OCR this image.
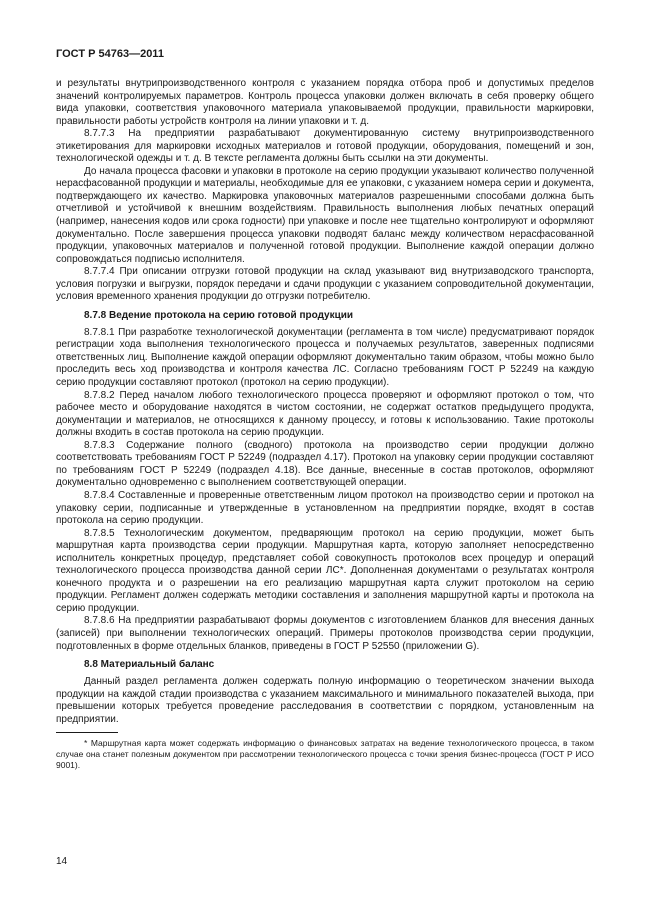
ГОСТ Р 54763—2011

и результаты внутрипроизводственного контроля с указанием порядка отбора проб и допустимых пределов значений контролируемых параметров. Контроль процесса упаковки должен включать в себя проверку общего вида упаковки, соответствия упаковочного материала упаковываемой продукции, правильности маркировки, правильности работы устройств контроля на линии упаковки и т. д.

8.7.7.3 На предприятии разрабатывают документированную систему внутрипроизводственного этикетирования для маркировки исходных материалов и готовой продукции, оборудования, помещений и зон, технологической одежды и т. д. В тексте регламента должны быть ссылки на эти документы.

До начала процесса фасовки и упаковки в протоколе на серию продукции указывают количество полученной нерасфасованной продукции и материалы, необходимые для ее упаковки, с указанием номера серии и документа, подтверждающего их качество. Маркировка упаковочных материалов разрешенными способами должна быть отчетливой и устойчивой к внешним воздействиям. Правильность выполнения любых печатных операций (например, нанесения кодов или срока годности) при упаковке и после нее тщательно контролируют и оформляют документально. После завершения процесса упаковки подводят баланс между количеством нерасфасованной продукции, упаковочных материалов и полученной готовой продукции. Выполнение каждой операции должно сопровождаться подписью исполнителя.

8.7.7.4 При описании отгрузки готовой продукции на склад указывают вид внутризаводского транспорта, условия погрузки и выгрузки, порядок передачи и сдачи продукции с указанием сопроводительной документации, условия временного хранения продукции до отгрузки потребителю.

8.7.8 Ведение протокола на серию готовой продукции

8.7.8.1 При разработке технологической документации (регламента в том числе) предусматривают порядок регистрации хода выполнения технологического процесса и получаемых результатов, заверенных подписями ответственных лиц. Выполнение каждой операции оформляют документально таким образом, чтобы можно было проследить весь ход производства и контроля качества ЛС. Согласно требованиям ГОСТ Р 52249 на каждую серию продукции составляют протокол (протокол на серию продукции).

8.7.8.2 Перед началом любого технологического процесса проверяют и оформляют протокол о том, что рабочее место и оборудование находятся в чистом состоянии, не содержат остатков предыдущего продукта, документации и материалов, не относящихся к данному процессу, и готовы к использованию. Такие протоколы должны входить в состав протокола на серию продукции.

8.7.8.3 Содержание полного (сводного) протокола на производство серии продукции должно соответствовать требованиям ГОСТ Р 52249 (подраздел 4.17). Протокол на упаковку серии продукции составляют по требованиям ГОСТ Р 52249 (подраздел 4.18). Все данные, внесенные в состав протоколов, оформляют документально одновременно с выполнением соответствующей операции.

8.7.8.4 Составленные и проверенные ответственным лицом протокол на производство серии и протокол на упаковку серии, подписанные и утвержденные в установленном на предприятии порядке, входят в состав протокола на серию продукции.

8.7.8.5 Технологическим документом, предваряющим протокол на серию продукции, может быть маршрутная карта производства серии продукции. Маршрутная карта, которую заполняет непосредственно исполнитель конкретных процедур, представляет собой совокупность протоколов всех процедур и операций технологического процесса производства данной серии ЛС*. Дополненная документами о результатах контроля конечного продукта и о разрешении на его реализацию маршрутная карта служит протоколом на серию продукции. Регламент должен содержать методики составления и заполнения маршрутной карты и протокола на серию продукции.

8.7.8.6 На предприятии разрабатывают формы документов с изготовлением бланков для внесения данных (записей) при выполнении технологических операций. Примеры протоколов производства серии продукции, подготовленных в форме отдельных бланков, приведены в ГОСТ Р 52550 (приложении G).

8.8 Материальный баланс

Данный раздел регламента должен содержать полную информацию о теоретическом значении выхода продукции на каждой стадии производства с указанием максимального и минимального показателей выхода, при превышении которых требуется проведение расследования в соответствии с порядком, установленным на предприятии.

* Маршрутная карта может содержать информацию о финансовых затратах на ведение технологического процесса, в таком случае она станет полезным документом при рассмотрении технологического процесса с точки зрения бизнес-процесса (ГОСТ Р ИСО 9001).

14
